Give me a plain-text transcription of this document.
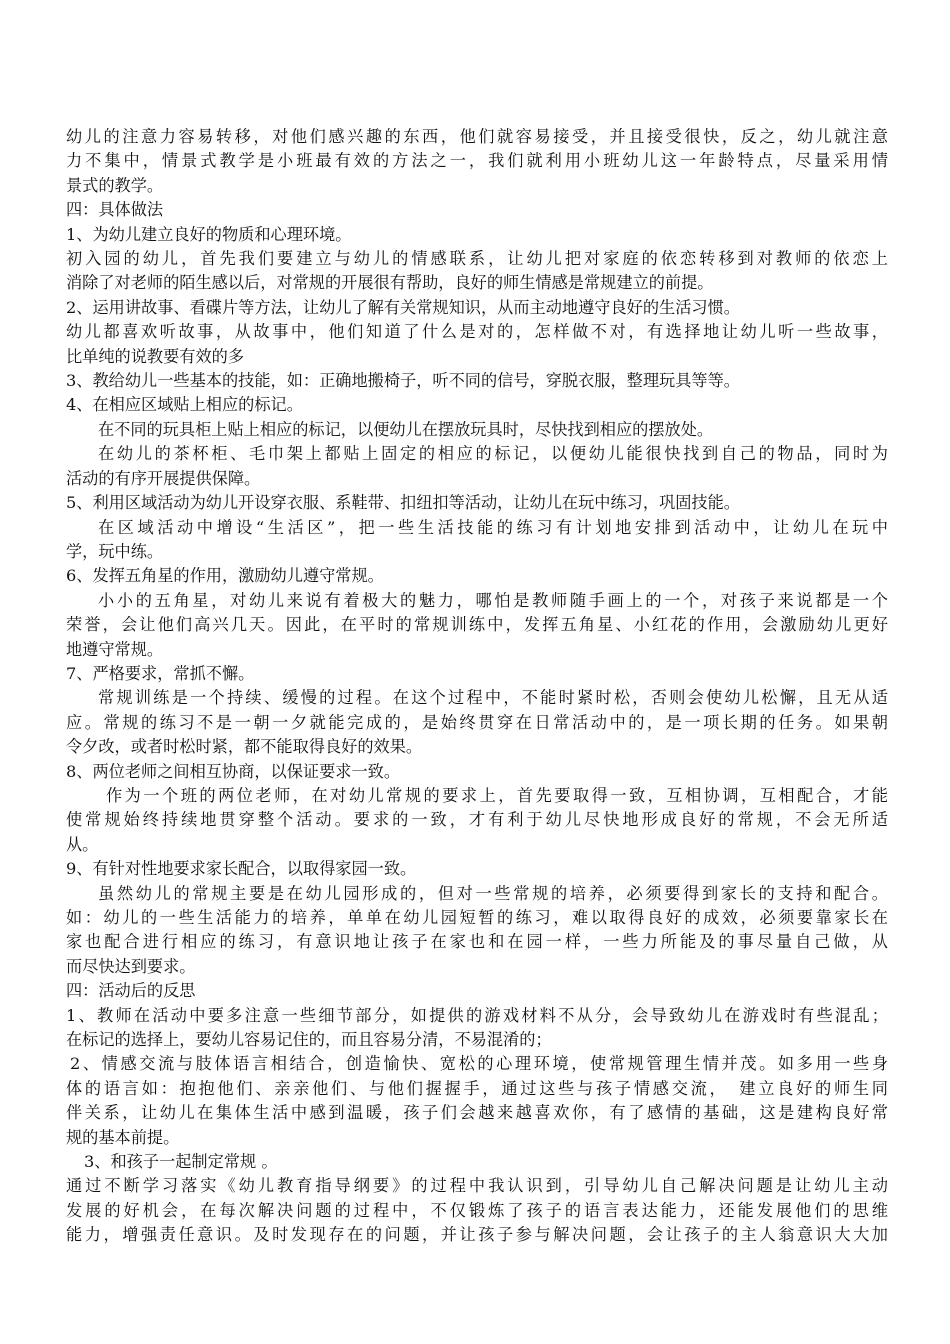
幼儿的注意力容易转移，对他们感兴趣的东西，他们就容易接受，并且接受很快，反之，幼儿就注意
力不集中，情景式教学是小班最有效的方法之一，我们就利用小班幼儿这一年龄特点，尽量采用情
景式的教学。
四：具体做法
1、为幼儿建立良好的物质和心理环境。
初入园的幼儿，首先我们要建立与幼儿的情感联系，让幼儿把对家庭的依恋转移到对教师的依恋上
消除了对老师的陌生感以后，对常规的开展很有帮助，良好的师生情感是常规建立的前提。
2、运用讲故事、看碟片等方法，让幼儿了解有关常规知识，从而主动地遵守良好的生活习惯。
幼儿都喜欢听故事，从故事中，他们知道了什么是对的，怎样做不对，有选择地让幼儿听一些故事，
比单纯的说教要有效的多
3、教给幼儿一些基本的技能，如：正确地搬椅子，听不同的信号，穿脱衣服，整理玩具等等。
4、在相应区域贴上相应的标记。
在不同的玩具柜上贴上相应的标记，以便幼儿在摆放玩具时，尽快找到相应的摆放处。
在幼儿的茶杯柜、毛巾架上都贴上固定的相应的标记，以便幼儿能很快找到自己的物品，同时为
活动的有序开展提供保障。
5、利用区域活动为幼儿开设穿衣服、系鞋带、扣纽扣等活动，让幼儿在玩中练习，巩固技能。
在区域活动中增设“生活区”，把一些生活技能的练习有计划地安排到活动中，让幼儿在玩中
学，玩中练。
6、发挥五角星的作用，激励幼儿遵守常规。
小小的五角星，对幼儿来说有着极大的魅力，哪怕是教师随手画上的一个，对孩子来说都是一个
荣誉，会让他们高兴几天。因此，在平时的常规训练中，发挥五角星、小红花的作用，会激励幼儿更好
地遵守常规。
7、严格要求，常抓不懈。
常规训练是一个持续、缓慢的过程。在这个过程中，不能时紧时松，否则会使幼儿松懈，且无从适
应。常规的练习不是一朝一夕就能完成的，是始终贯穿在日常活动中的，是一项长期的任务。如果朝
令夕改，或者时松时紧，都不能取得良好的效果。
8、两位老师之间相互协商，以保证要求一致。
作为一个班的两位老师，在对幼儿常规的要求上，首先要取得一致，互相协调，互相配合，才能
使常规始终持续地贯穿整个活动。要求的一致，才有利于幼儿尽快地形成良好的常规，不会无所适
从。
9、有针对性地要求家长配合，以取得家园一致。
虽然幼儿的常规主要是在幼儿园形成的，但对一些常规的培养，必须要得到家长的支持和配合。
如：幼儿的一些生活能力的培养，单单在幼儿园短暂的练习，难以取得良好的成效，必须要靠家长在
家也配合进行相应的练习，有意识地让孩子在家也和在园一样，一些力所能及的事尽量自己做，从
而尽快达到要求。
四：活动后的反思
1、教师在活动中要多注意一些细节部分，如提供的游戏材料不从分，会导致幼儿在游戏时有些混乱；
在标记的选择上，要幼儿容易记住的，而且容易分清，不易混淆的；
2、情感交流与肢体语言相结合，创造愉快、宽松的心理环境，使常规管理生情并茂。如多用一些身
体的语言如：抱抱他们、亲亲他们、与他们握握手，通过这些与孩子情感交流，　建立良好的师生同
伴关系，让幼儿在集体生活中感到温暖，孩子们会越来越喜欢你，有了感情的基础，这是建构良好常
规的基本前提。
3、和孩子一起制定常规 。
通过不断学习落实《幼儿教育指导纲要》的过程中我认识到，引导幼儿自己解决问题是让幼儿主动
发展的好机会，在每次解决问题的过程中，不仅锻炼了孩子的语言表达能力，还能发展他们的思维
能力，增强责任意识。及时发现存在的问题，并让孩子参与解决问题，会让孩子的主人翁意识大大加
